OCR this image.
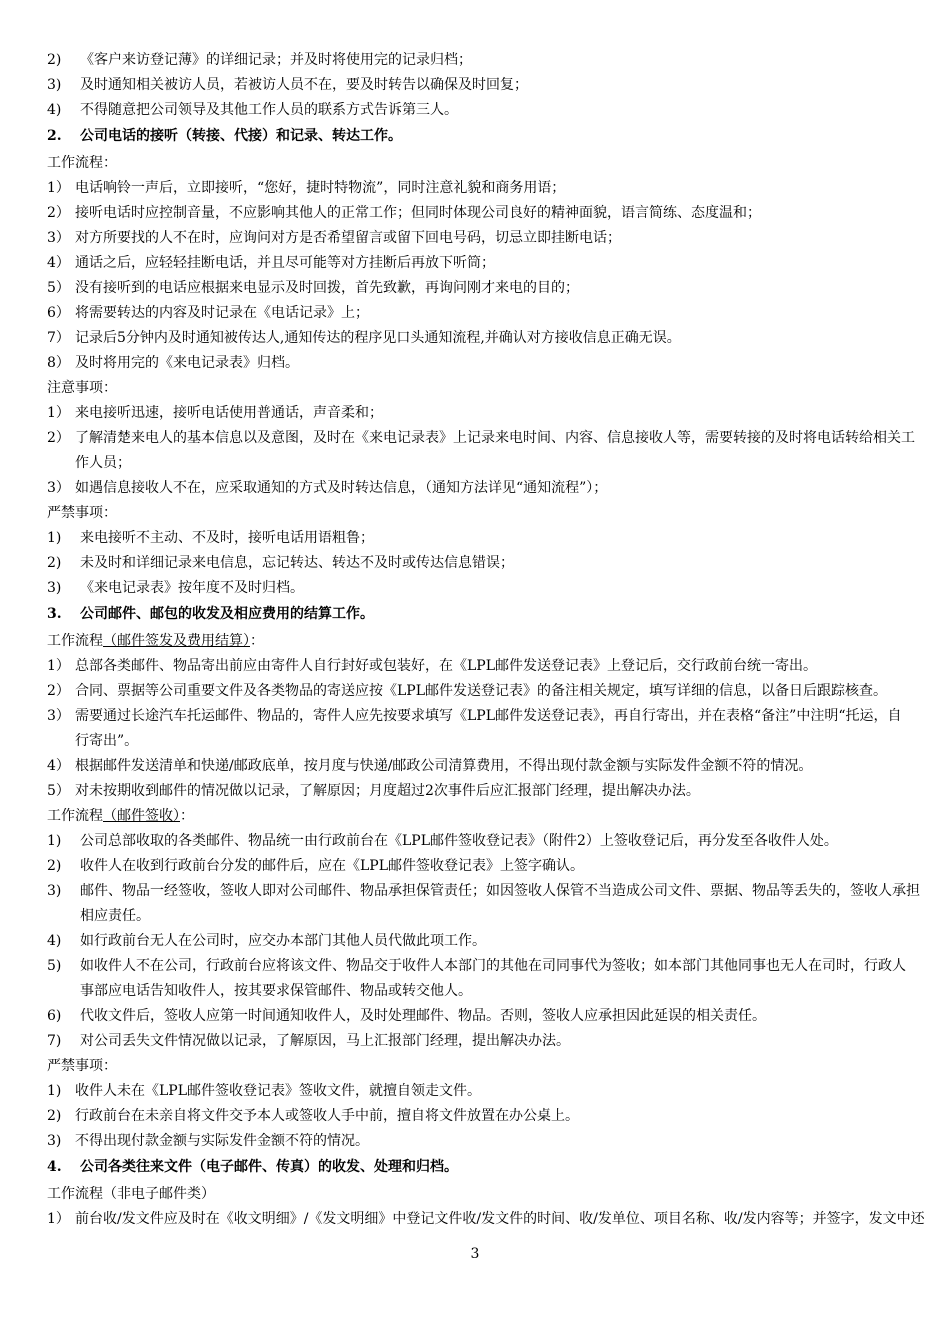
2) 《客户来访登记薄》的详细记录；并及时将使用完的记录归档；
3) 及时通知相关被访人员，若被访人员不在，要及时转告以确保及时回复；
4) 不得随意把公司领导及其他工作人员的联系方式告诉第三人。
2. 公司电话的接听（转接、代接）和记录、转达工作。
工作流程：
1） 电话响铃一声后，立即接听，“您好，捷时特物流”，同时注意礼貌和商务用语；
2） 接听电话时应控制音量，不应影响其他人的正常工作；但同时体现公司良好的精神面貌，语言简练、态度温和；
3） 对方所要找的人不在时，应询问对方是否希望留言或留下回电号码，切忌立即挂断电话；
4） 通话之后，应轻轻挂断电话，并且尽可能等对方挂断后再放下听筒；
5） 没有接听到的电话应根据来电显示及时回拨，首先致歉，再询问刚才来电的目的；
6） 将需要转达的内容及时记录在《电话记录》上；
7） 记录后5分钟内及时通知被传达人,通知传达的程序见口头通知流程,并确认对方接收信息正确无误。
8） 及时将用完的《来电记录表》归档。
注意事项：
1） 来电接听迅速，接听电话使用普通话，声音柔和；
2） 了解清楚来电人的基本信息以及意图，及时在《来电记录表》上记录来电时间、内容、信息接收人等，需要转接的及时将电话转给相关工
作人员；
3） 如遇信息接收人不在，应采取通知的方式及时转达信息，（通知方法详见“通知流程”）；
严禁事项：
1) 来电接听不主动、不及时，接听电话用语粗鲁；
2) 未及时和详细记录来电信息，忘记转达、转达不及时或传达信息错误；
3) 《来电记录表》按年度不及时归档。
3. 公司邮件、邮包的收发及相应费用的结算工作。
工作流程（邮件签发及费用结算）：
1） 总部各类邮件、物品寄出前应由寄件人自行封好或包装好，在《LPL邮件发送登记表》上登记后，交行政前台统一寄出。
2） 合同、票据等公司重要文件及各类物品的寄送应按《LPL邮件发送登记表》的备注相关规定，填写详细的信息，以备日后跟踪核查。
3） 需要通过长途汽车托运邮件、物品的，寄件人应先按要求填写《LPL邮件发送登记表》，再自行寄出，并在表格“备注”中注明“托运，自
行寄出”。
4） 根据邮件发送清单和快递/邮政底单，按月度与快递/邮政公司清算费用，不得出现付款金额与实际发件金额不符的情况。
5） 对未按期收到邮件的情况做以记录，了解原因；月度超过2次事件后应汇报部门经理，提出解决办法。
工作流程（邮件签收）：
1) 公司总部收取的各类邮件、物品统一由行政前台在《LPL邮件签收登记表》（附件2）上签收登记后，再分发至各收件人处。
2) 收件人在收到行政前台分发的邮件后，应在《LPL邮件签收登记表》上签字确认。
3) 邮件、物品一经签收，签收人即对公司邮件、物品承担保管责任；如因签收人保管不当造成公司文件、票据、物品等丢失的，签收人承担
相应责任。
4) 如行政前台无人在公司时，应交办本部门其他人员代做此项工作。
5) 如收件人不在公司，行政前台应将该文件、物品交于收件人本部门的其他在司同事代为签收；如本部门其他同事也无人在司时，行政人
事部应电话告知收件人，按其要求保管邮件、物品或转交他人。
6) 代收文件后，签收人应第一时间通知收件人，及时处理邮件、物品。否则，签收人应承担因此延误的相关责任。
7) 对公司丢失文件情况做以记录，了解原因，马上汇报部门经理，提出解决办法。
严禁事项：
1) 收件人未在《LPL邮件签收登记表》签收文件，就擅自领走文件。
2) 行政前台在未亲自将文件交予本人或签收人手中前，擅自将文件放置在办公桌上。
3) 不得出现付款金额与实际发件金额不符的情况。
4. 公司各类往来文件（电子邮件、传真）的收发、处理和归档。
工作流程（非电子邮件类）
1） 前台收/发文件应及时在《收文明细》/《发文明细》中登记文件收/发文件的时间、收/发单位、项目名称、收/发内容等；并签字，发文中还
3
